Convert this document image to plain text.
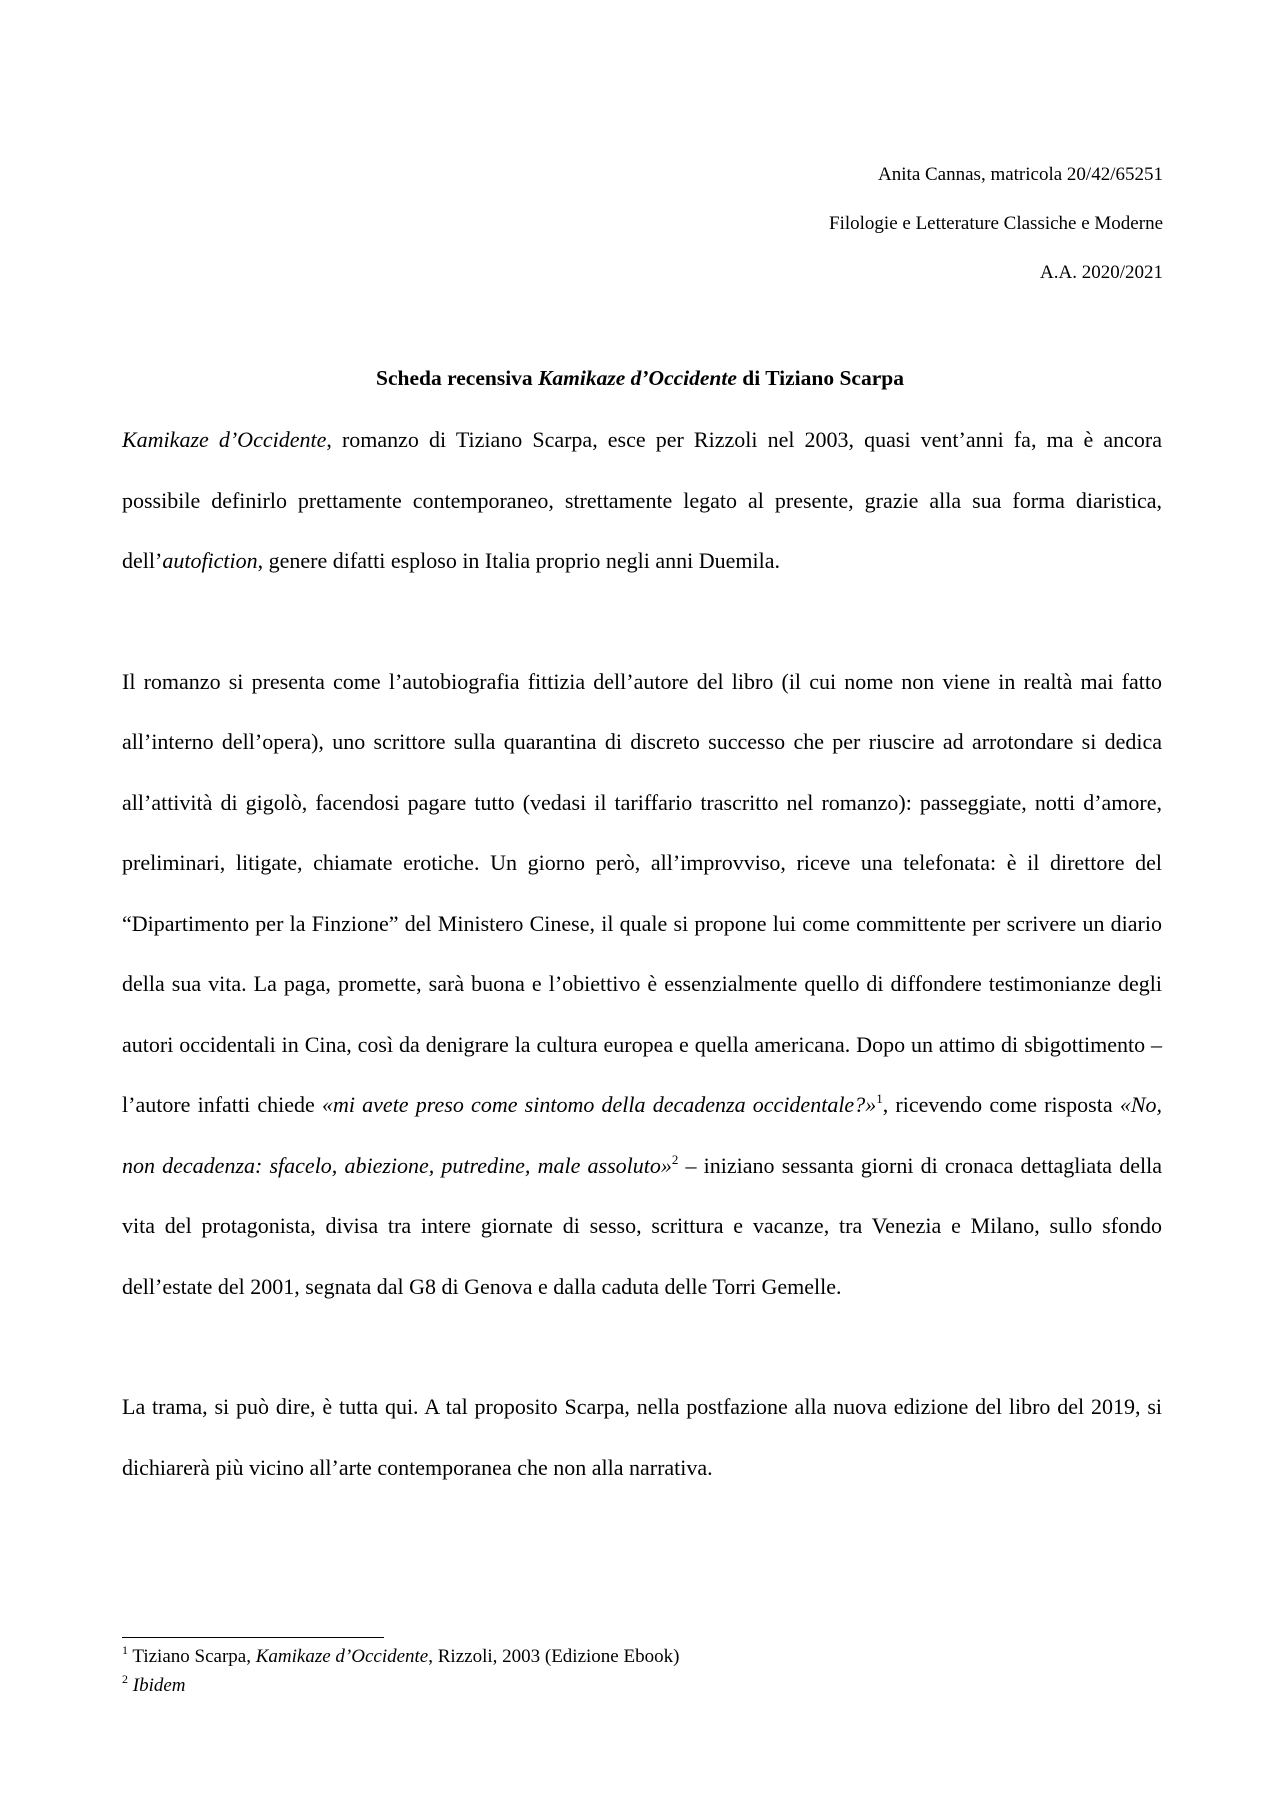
Anita Cannas, matricola 20/42/65251
Filologie e Letterature Classiche e Moderne
A.A. 2020/2021
Scheda recensiva Kamikaze d’Occidente di Tiziano Scarpa

Kamikaze d’Occidente, romanzo di Tiziano Scarpa, esce per Rizzoli nel 2003, quasi vent’anni fa, ma è ancora possibile definirlo prettamente contemporaneo, strettamente legato al presente, grazie alla sua forma diaristica, dell’autofiction, genere difatti esploso in Italia proprio negli anni Duemila.

Il romanzo si presenta come l’autobiografia fittizia dell’autore del libro (il cui nome non viene in realtà mai fatto all’interno dell’opera), uno scrittore sulla quarantina di discreto successo che per riuscire ad arrotondare si dedica all’attività di gigolò, facendosi pagare tutto (vedasi il tariffario trascritto nel romanzo): passeggiate, notti d’amore, preliminari, litigate, chiamate erotiche. Un giorno però, all’improvviso, riceve una telefonata: è il direttore del “Dipartimento per la Finzione” del Ministero Cinese, il quale si propone lui come committente per scrivere un diario della sua vita. La paga, promette, sarà buona e l’obiettivo è essenzialmente quello di diffondere testimonianze degli autori occidentali in Cina, così da denigrare la cultura europea e quella americana. Dopo un attimo di sbigottimento – l’autore infatti chiede «mi avete preso come sintomo della decadenza occidentale?»$^1$, ricevendo come risposta «No, non decadenza: sfacelo, abiezione, putredine, male assoluto»$^2$ – iniziano sessanta giorni di cronaca dettagliata della vita del protagonista, divisa tra intere giornate di sesso, scrittura e vacanze, tra Venezia e Milano, sullo sfondo dell’estate del 2001, segnata dal G8 di Genova e dalla caduta delle Torri Gemelle.

La trama, si può dire, è tutta qui. A tal proposito Scarpa, nella postfazione alla nuova edizione del libro del 2019, si dichiarerà più vicino all’arte contemporanea che non alla narrativa.

$^1$ Tiziano Scarpa, Kamikaze d’Occidente, Rizzoli, 2003 (Edizione Ebook)
$^2$ Ibidem
